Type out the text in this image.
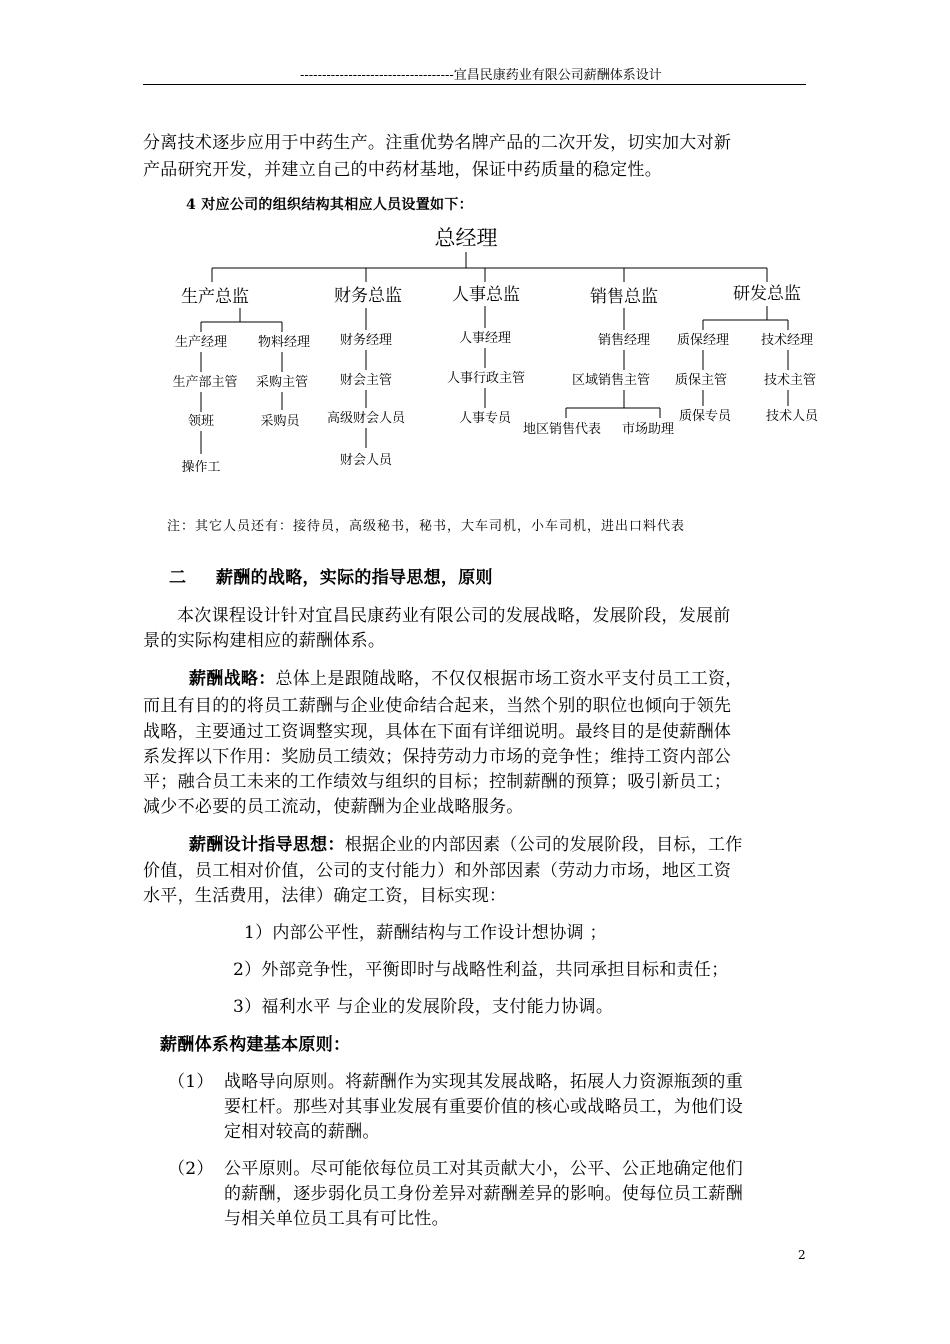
-----------------------------------宜昌民康药业有限公司薪酬体系设计
分离技术逐步应用于中药生产。注重优势名牌产品的二次开发，切实加大对新
产品研究开发，并建立自己的中药材基地，保证中药质量的稳定性。
4 对应公司的组织结构其相应人员设置如下：
总经理
生产总监	财务总监	人事总监	销售总监	研发总监
生产经理
生产部主管
领班
操作工
物料经理
采购主管
采购员
财务经理
财会主管
高级财会人员
财会人员
人事经理
人事行政主管
人事专员
销售经理
区域销售主管
地区销售代表 市场助理
质保经理
质保主管
质保专员
技术经理
技术主管
技术人员
注：其它人员还有：接待员，高级秘书，秘书，大车司机，小车司机，进出口料代表
二 薪酬的战略，实际的指导思想，原则
本次课程设计针对宜昌民康药业有限公司的发展战略，发展阶段，发展前
景的实际构建相应的薪酬体系。
薪酬战略：总体上是跟随战略，不仅仅根据市场工资水平支付员工工资，
而且有目的的将员工薪酬与企业使命结合起来，当然个别的职位也倾向于领先
战略，主要通过工资调整实现，具体在下面有详细说明。最终目的是使薪酬体
系发挥以下作用：奖励员工绩效；保持劳动力市场的竞争性；维持工资内部公
平；融合员工未来的工作绩效与组织的目标；控制薪酬的预算；吸引新员工；
减少不必要的员工流动，使薪酬为企业战略服务。
薪酬设计指导思想：根据企业的内部因素（公司的发展阶段，目标，工作
价值，员工相对价值，公司的支付能力）和外部因素（劳动力市场，地区工资
水平，生活费用，法律）确定工资，目标实现：
1）内部公平性，薪酬结构与工作设计想协调 ；
2）外部竞争性，平衡即时与战略性利益，共同承担目标和责任；
3）福利水平 与企业的发展阶段，支付能力协调。
薪酬体系构建基本原则：
（1） 战略导向原则。将薪酬作为实现其发展战略，拓展人力资源瓶颈的重
要杠杆。那些对其事业发展有重要价值的核心或战略员工，为他们设
定相对较高的薪酬。
（2） 公平原则。尽可能依每位员工对其贡献大小，公平、公正地确定他们
的薪酬，逐步弱化员工身份差异对薪酬差异的影响。使每位员工薪酬
与相关单位员工具有可比性。
2
